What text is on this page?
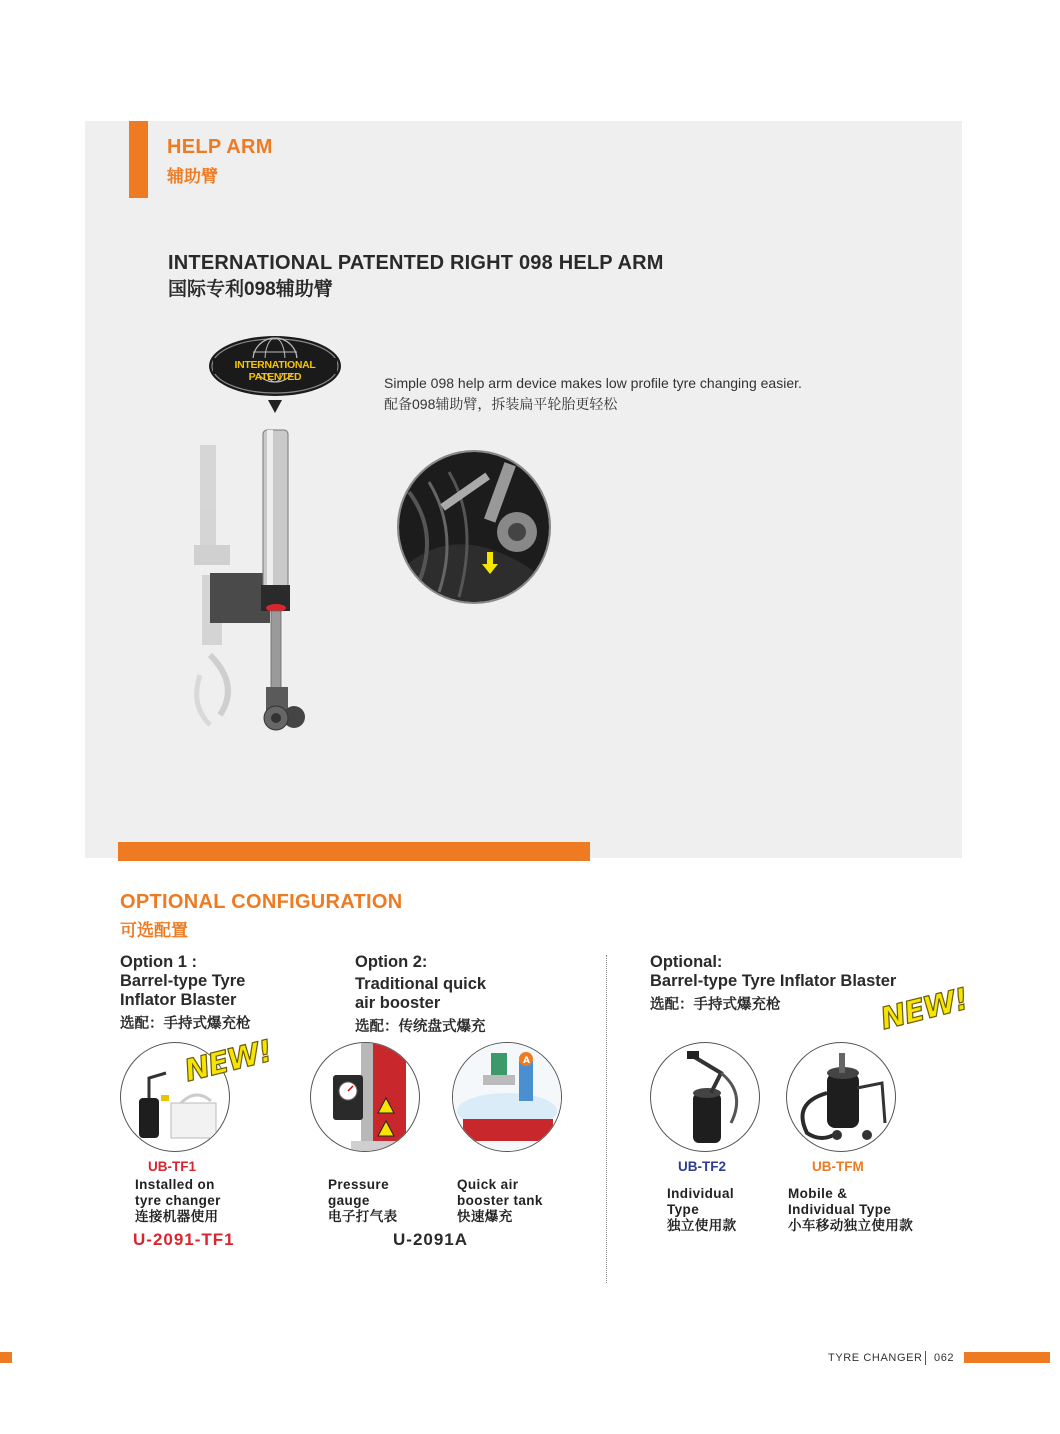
HELP ARM
辅助臂
INTERNATIONAL PATENTED RIGHT 098 HELP ARM
国际专利098辅助臂
INTERNATIONAL PATENTED	Simple 098 help arm device makes low profile tyre changing easier.
配备098辅助臂，拆装扁平轮胎更轻松
OPTIONAL CONFIGURATION
可选配置
Option 1 :
Barrel-type Tyre
Inflator Blaster
选配：手持式爆充枪
NEW!
UB-TF1
Installed on
tyre changer
连接机器使用
U-2091-TF1
Option 2:
Traditional quick
air booster
选配：传统盘式爆充
A
Pressure
gauge
电子打气表
Quick air
booster tank
快速爆充
U-2091A
Optional:
Barrel-type Tyre Inflator Blaster
选配：手持式爆充枪	NEW!
UB-TF2
Individual
Type
独立使用款
UB-TFM
Mobile &
Individual Type
小车移动独立使用款
TYRE CHANGER 062
